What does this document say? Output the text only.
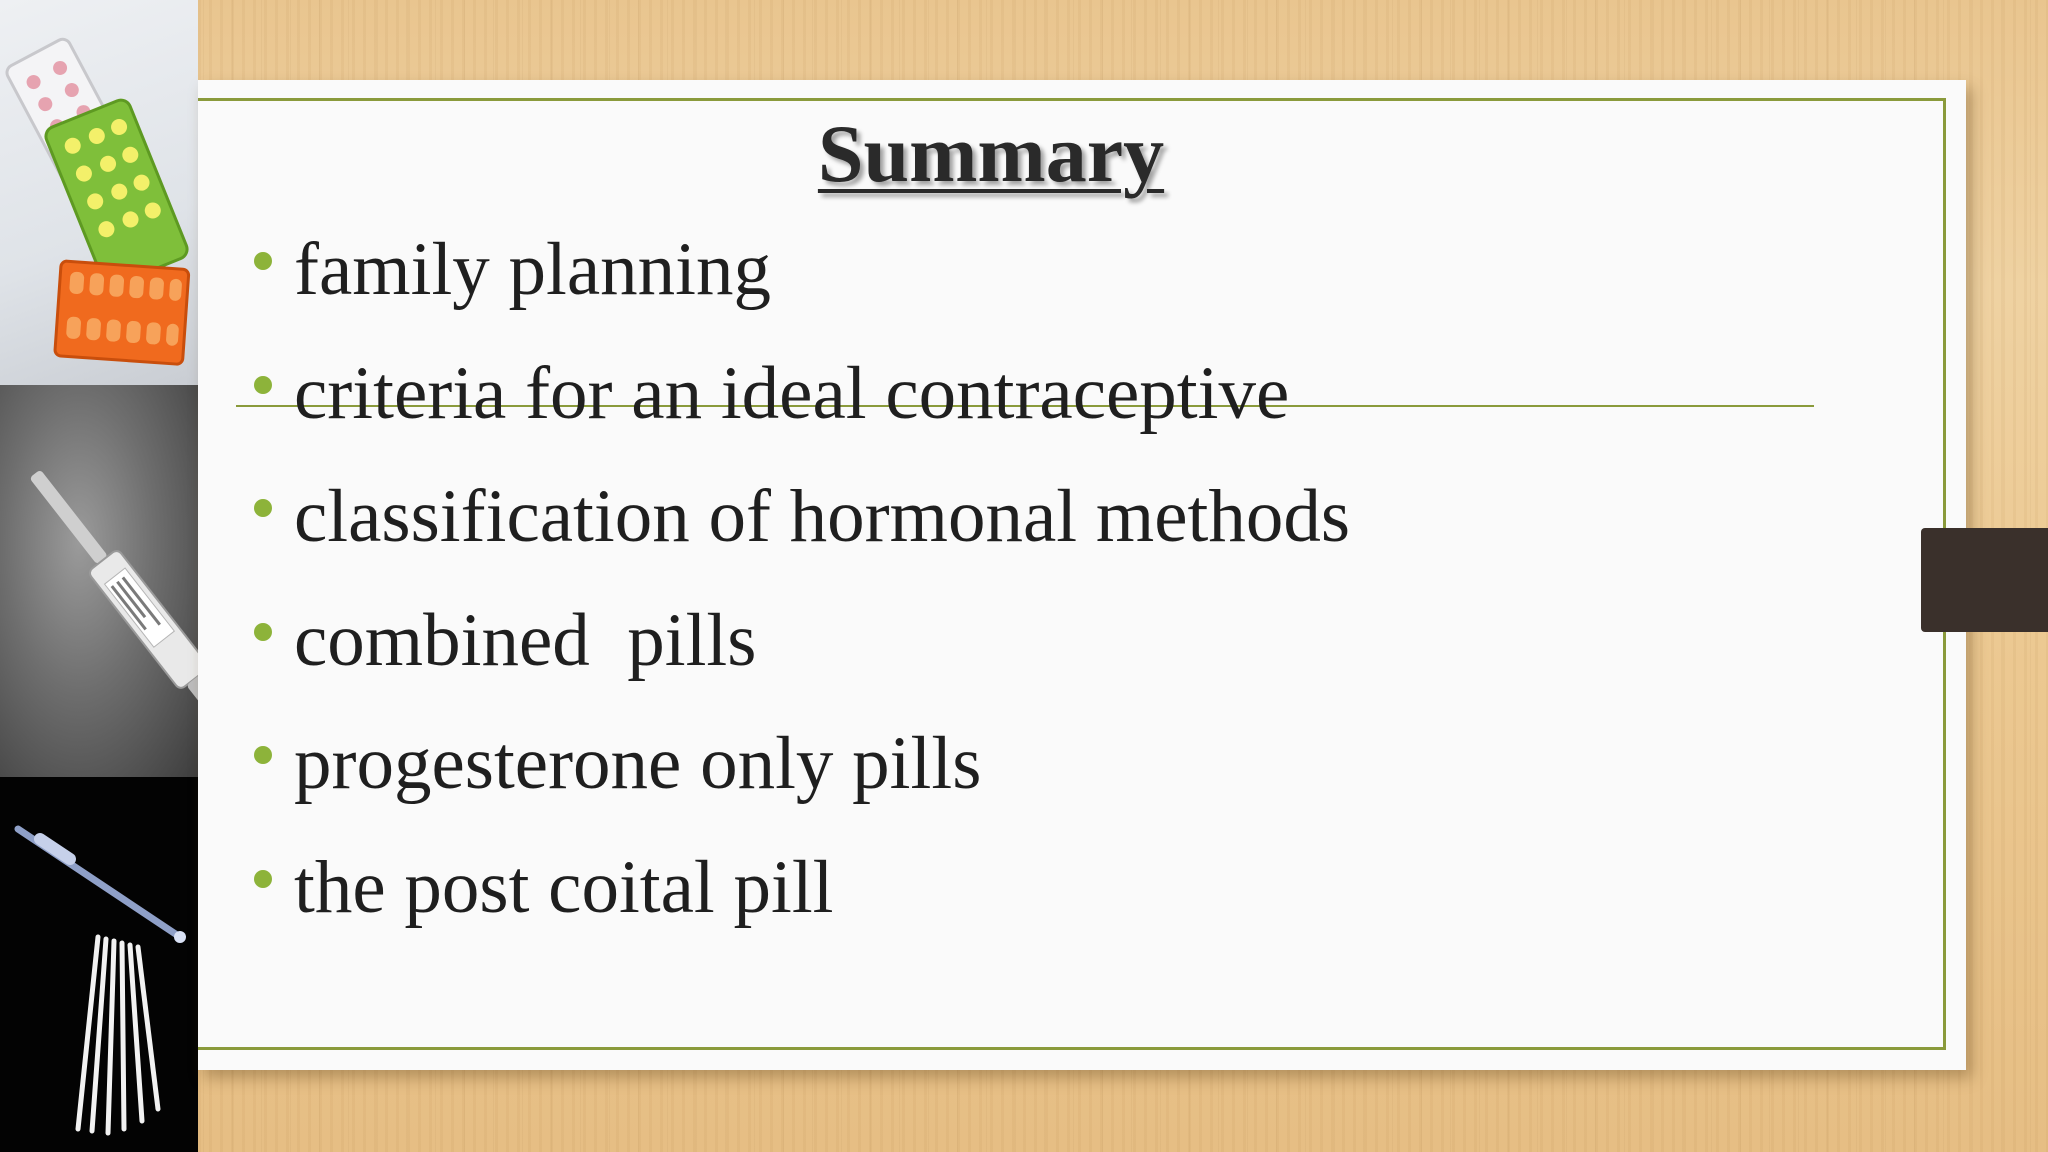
Summary
family planning
criteria for an ideal contraceptive
classification of hormonal methods
combined  pills
progesterone only pills
the post coital pill
